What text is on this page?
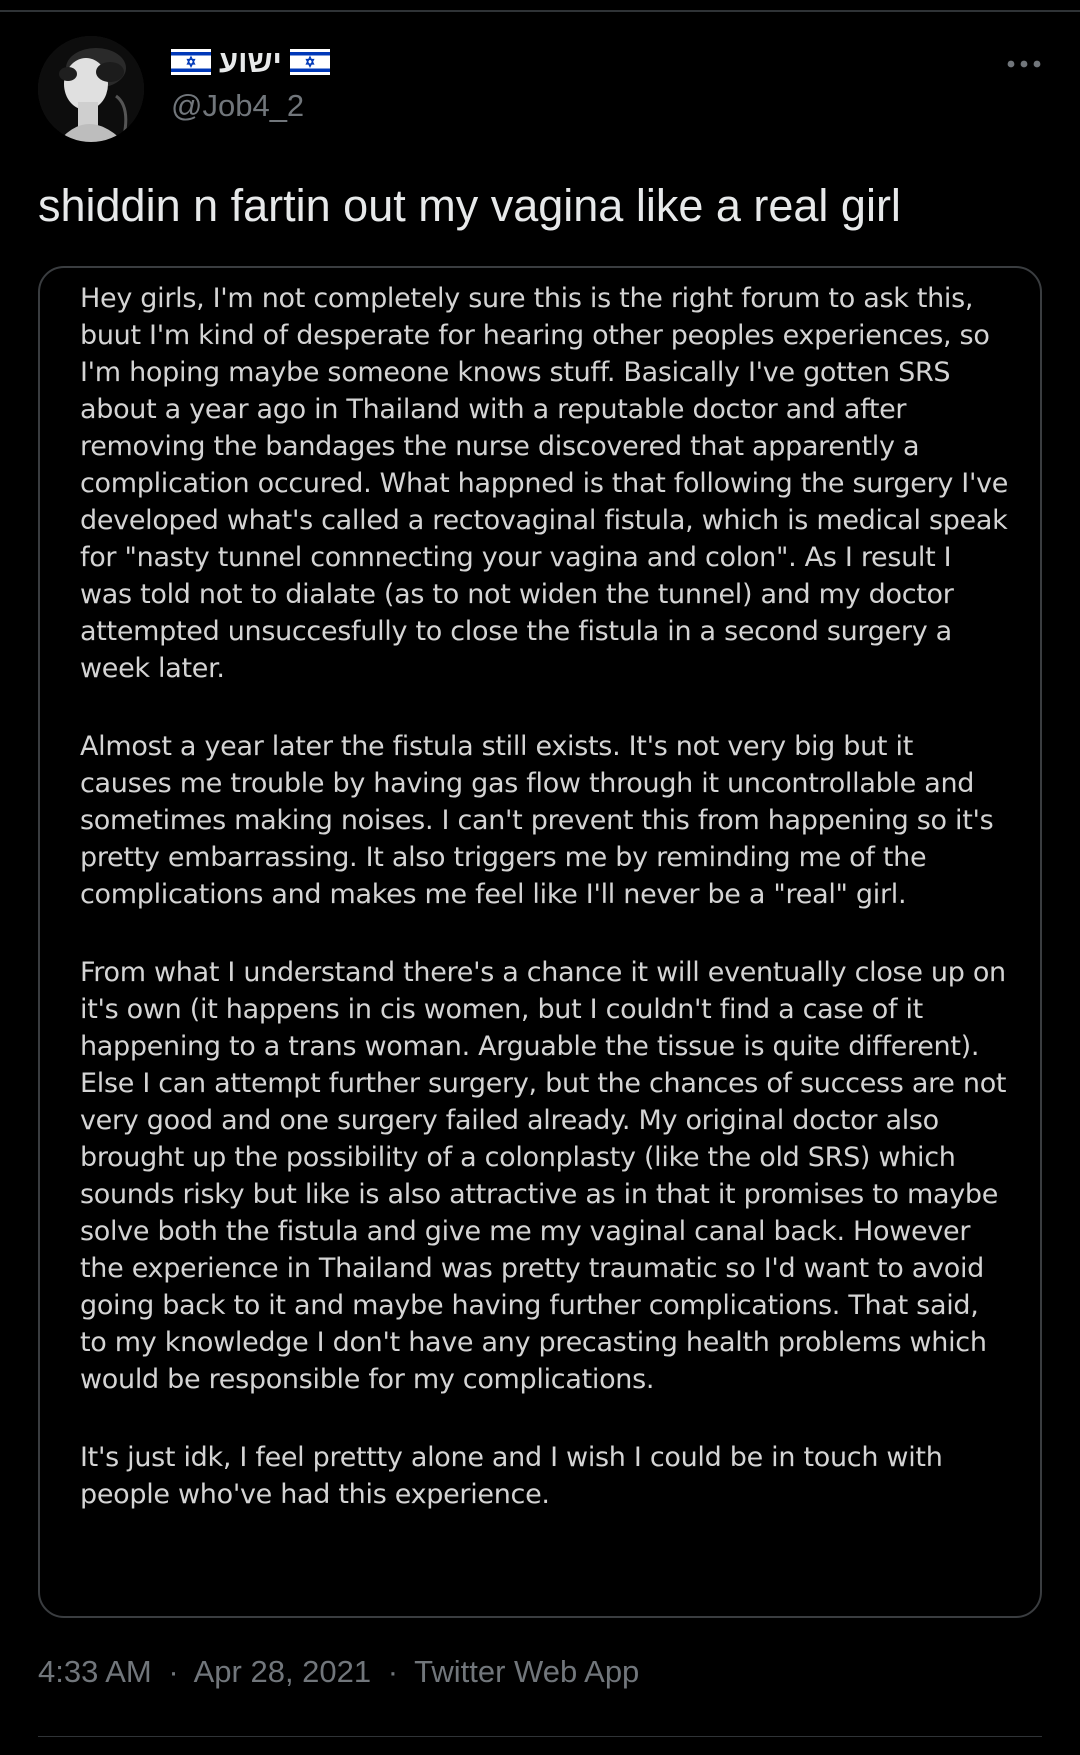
ישוע
@Job4_2
shiddin n fartin out my vagina like a real girl

Hey girls, I'm not completely sure this is the right forum to ask this, buut I'm kind of desperate for hearing other peoples experiences, so I'm hoping maybe someone knows stuff. Basically I've gotten SRS about a year ago in Thailand with a reputable doctor and after removing the bandages the nurse discovered that apparently a complication occured. What happned is that following the surgery I've developed what's called a rectovaginal fistula, which is medical speak for "nasty tunnel connnecting your vagina and colon". As I result I was told not to dialate (as to not widen the tunnel) and my doctor attempted unsuccesfully to close the fistula in a second surgery a week later.

Almost a year later the fistula still exists. It's not very big but it causes me trouble by having gas flow through it uncontrollable and sometimes making noises. I can't prevent this from happening so it's pretty embarrassing. It also triggers me by reminding me of the complications and makes me feel like I'll never be a "real" girl.

From what I understand there's a chance it will eventually close up on it's own (it happens in cis women, but I couldn't find a case of it happening to a trans woman. Arguable the tissue is quite different). Else I can attempt further surgery, but the chances of success are not very good and one surgery failed already. My original doctor also brought up the possibility of a colonplasty (like the old SRS) which sounds risky but like is also attractive as in that it promises to maybe solve both the fistula and give me my vaginal canal back. However the experience in Thailand was pretty traumatic so I'd want to avoid going back to it and maybe having further complications. That said, to my knowledge I don't have any precasting health problems which would be responsible for my complications.

It's just idk, I feel prettty alone and I wish I could be in touch with people who've had this experience.

4:33 AM · Apr 28, 2021 · Twitter Web App
